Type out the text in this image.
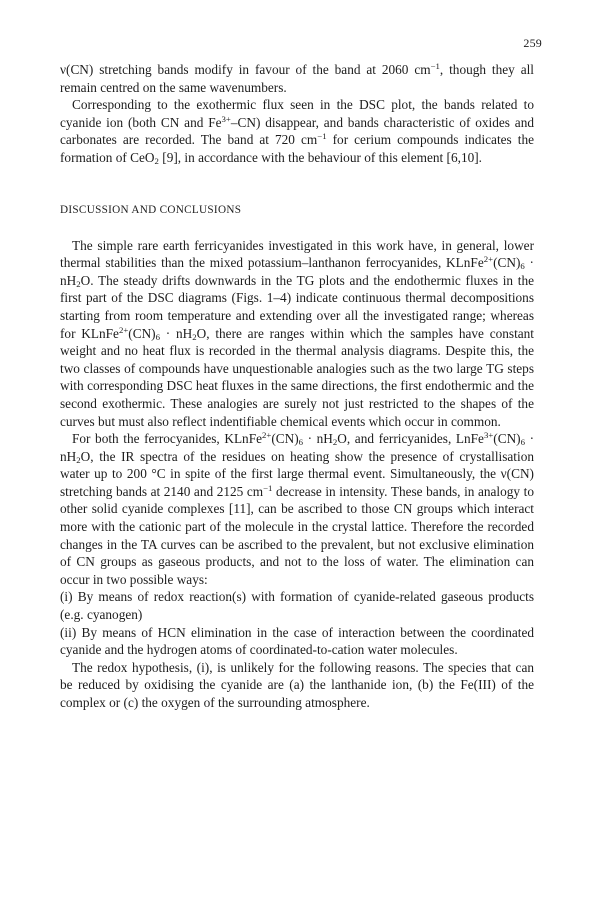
259

ν(CN) stretching bands modify in favour of the band at 2060 $cm^{-1}$, though they all remain centred on the same wavenumbers.

Corresponding to the exothermic flux seen in the DSC plot, the bands related to cyanide ion (both CN and $Fe^{3+}-CN$) disappear, and bands characteristic of oxides and carbonates are recorded. The band at 720 $cm^{-1}$ for cerium compounds indicates the formation of CeO$_2$ [9], in accordance with the behaviour of this element [6,10].

DISCUSSION AND CONCLUSIONS

The simple rare earth ferricyanides investigated in this work have, in general, lower thermal stabilities than the mixed potassium–lanthanon ferrocyanides, $KLnFe^{2+}(CN)_6 \cdot nH_2O$. The steady drifts downwards in the TG plots and the endothermic fluxes in the first part of the DSC diagrams (Figs. 1–4) indicate continuous thermal decompositions starting from room temperature and extending over all the investigated range; whereas for $KLnFe^{2+}(CN)_6 \cdot nH_2O$, there are ranges within which the samples have constant weight and no heat flux is recorded in the thermal analysis diagrams. Despite this, the two classes of compounds have unquestionable analogies such as the two large TG steps with corresponding DSC heat fluxes in the same directions, the first endothermic and the second exothermic. These analogies are surely not just restricted to the shapes of the curves but must also reflect indentifiable chemical events which occur in common.

For both the ferrocyanides, $KLnFe^{2+}(CN)_6 \cdot nH_2O$, and ferricyanides, $LnFe^{3+}(CN)_6 \cdot nH_2O$, the IR spectra of the residues on heating show the presence of crystallisation water up to 200 °C in spite of the first large thermal event. Simultaneously, the ν(CN) stretching bands at 2140 and 2125 $cm^{-1}$ decrease in intensity. These bands, in analogy to other solid cyanide complexes [11], can be ascribed to those CN groups which interact more with the cationic part of the molecule in the crystal lattice. Therefore the recorded changes in the TA curves can be ascribed to the prevalent, but not exclusive elimination of CN groups as gaseous products, and not to the loss of water. The elimination can occur in two possible ways:

(i) By means of redox reaction(s) with formation of cyanide-related gaseous products (e.g. cyanogen)

(ii) By means of HCN elimination in the case of interaction between the coordinated cyanide and the hydrogen atoms of coordinated-to-cation water molecules.

The redox hypothesis, (i), is unlikely for the following reasons. The species that can be reduced by oxidising the cyanide are (a) the lanthanide ion, (b) the Fe(III) of the complex or (c) the oxygen of the surrounding atmosphere.
